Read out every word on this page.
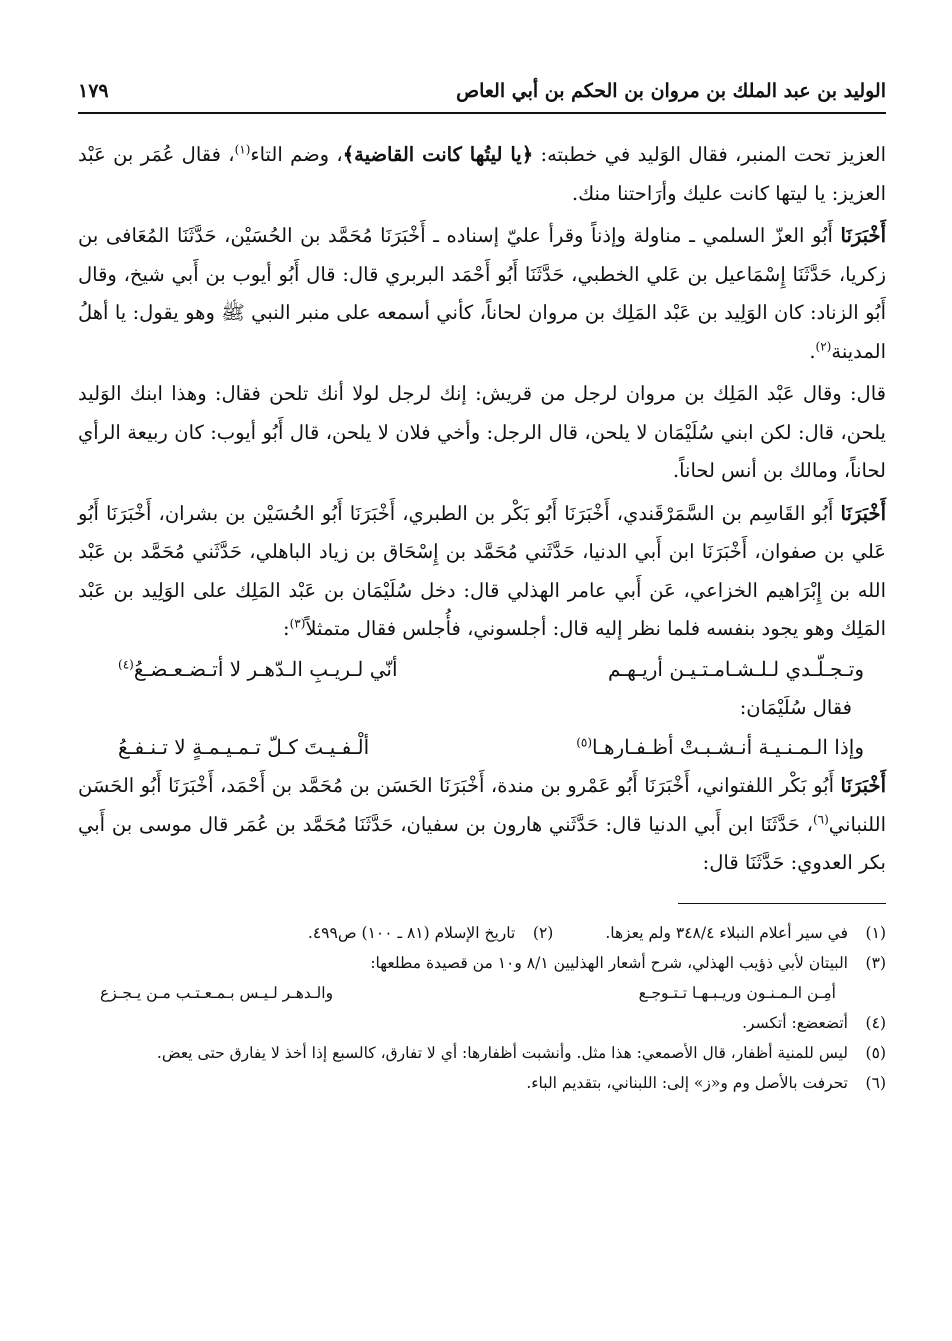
الوليد بن عبد الملك بن مروان بن الحكم بن أبي العاص
١٧٩

العزيز تحت المنبر، فقال الوَليد في خطبته: ﴿يا ليتُها كانت القاضية﴾، وضم التاء$^{(١)}$، فقال عُمَر بن عَبْد العزيز: يا ليتها كانت عليك وأرَاحتنا منك.

أَخْبَرَنَا أَبُو العزّ السلمي ـ مناولة وإذناً وقرأ عليّ إسناده ـ أَخْبَرَنَا مُحَمَّد بن الحُسَيْن، حَدَّثَنَا المُعَافى بن زكريا، حَدَّثَنَا إِسْمَاعيل بن عَلي الخطبي، حَدَّثَنَا أَبُو أَحْمَد البربري قال: قال أَبُو أيوب بن أَبي شيخ، وقال أَبُو الزناد: كان الوَلِيد بن عَبْد المَلِك بن مروان لحاناً، كأني أسمعه على منبر النبي ﷺ وهو يقول: يا أهلُ المدينة$^{(٢)}$.

قال: وقال عَبْد المَلِك بن مروان لرجل من قريش: إنك لرجل لولا أنك تلحن فقال: وهذا ابنك الوَليد يلحن، قال: لكن ابني سُلَيْمَان لا يلحن، قال الرجل: وأخي فلان لا يلحن، قال أَبُو أيوب: كان ربيعة الرأي لحاناً، ومالك بن أنس لحاناً.

أَخْبَرَنَا أَبُو القَاسِم بن السَّمَرْقَندي، أَخْبَرَنَا أَبُو بَكْر بن الطبري، أَخْبَرَنَا أَبُو الحُسَيْن بن بشران، أَخْبَرَنَا أَبُو عَلي بن صفوان، أَخْبَرَنَا ابن أَبي الدنيا، حَدَّثَني مُحَمَّد بن إِسْحَاق بن زياد الباهلي، حَدَّثَني مُحَمَّد بن عَبْد الله بن إِبْرَاهيم الخزاعي، عَن أَبي عامر الهذلي قال: دخل سُلَيْمَان بن عَبْد المَلِك على الوَلِيد بن عَبْد المَلِك وهو يجود بنفسه فلما نظر إليه قال: أجلسوني، فأُجلس فقال متمثلاً$^{(٣)}$:

وتـجـلّـدي لـلـشـامـتـيـن أريـهـم
أنّي لـريـبِ الـدّهـر لا أتـضـعـضـعُ$^{(٤)}$

فقال سُلَيْمَان:

وإذا الـمـنـيـة أنـشـبـتْ أظـفـارهـا$^{(٥)}$
ألْـفـيـتَ كـلّ تـمـيـمـةٍ لا تـنـفـعُ

أَخْبَرَنَا أَبُو بَكْر اللفتواني، أَخْبَرَنَا أَبُو عَمْرو بن مندة، أَخْبَرَنَا الحَسَن بن مُحَمَّد بن أَحْمَد، أَخْبَرَنَا أَبُو الحَسَن اللنباني$^{(٦)}$، حَدَّثَنَا ابن أَبي الدنيا قال: حَدَّثَني هارون بن سفيان، حَدَّثَنَا مُحَمَّد بن عُمَر قال موسى بن أَبي بكر العدوي: حَدَّثَنَا قال:

(١)
في سير أعلام النبلاء ٣٤٨/٤ ولم يعزها.
(٢)
تاريخ الإسلام (٨١ ـ ١٠٠) ص٤٩٩.
(٣)
البيتان لأبي ذؤيب الهذلي، شرح أشعار الهذليين ٨/١ و١٠ من قصيدة مطلعها:
أمِـن الـمـنـون وريـبـهـا تـتـوجـع
والـدهـر لـيـس بـمـعـتـب مـن يـجـزع
(٤)
أتضعضع: أتكسر.
(٥)
ليس للمنية أظفار، قال الأصمعي: هذا مثل. وأنشبت أظفارها: أي لا تفارق، كالسبع إذا أخذ لا يفارق حتى يعض.
(٦)
تحرفت بالأصل وم و«ز» إلى: اللبناني، بتقديم الباء.
